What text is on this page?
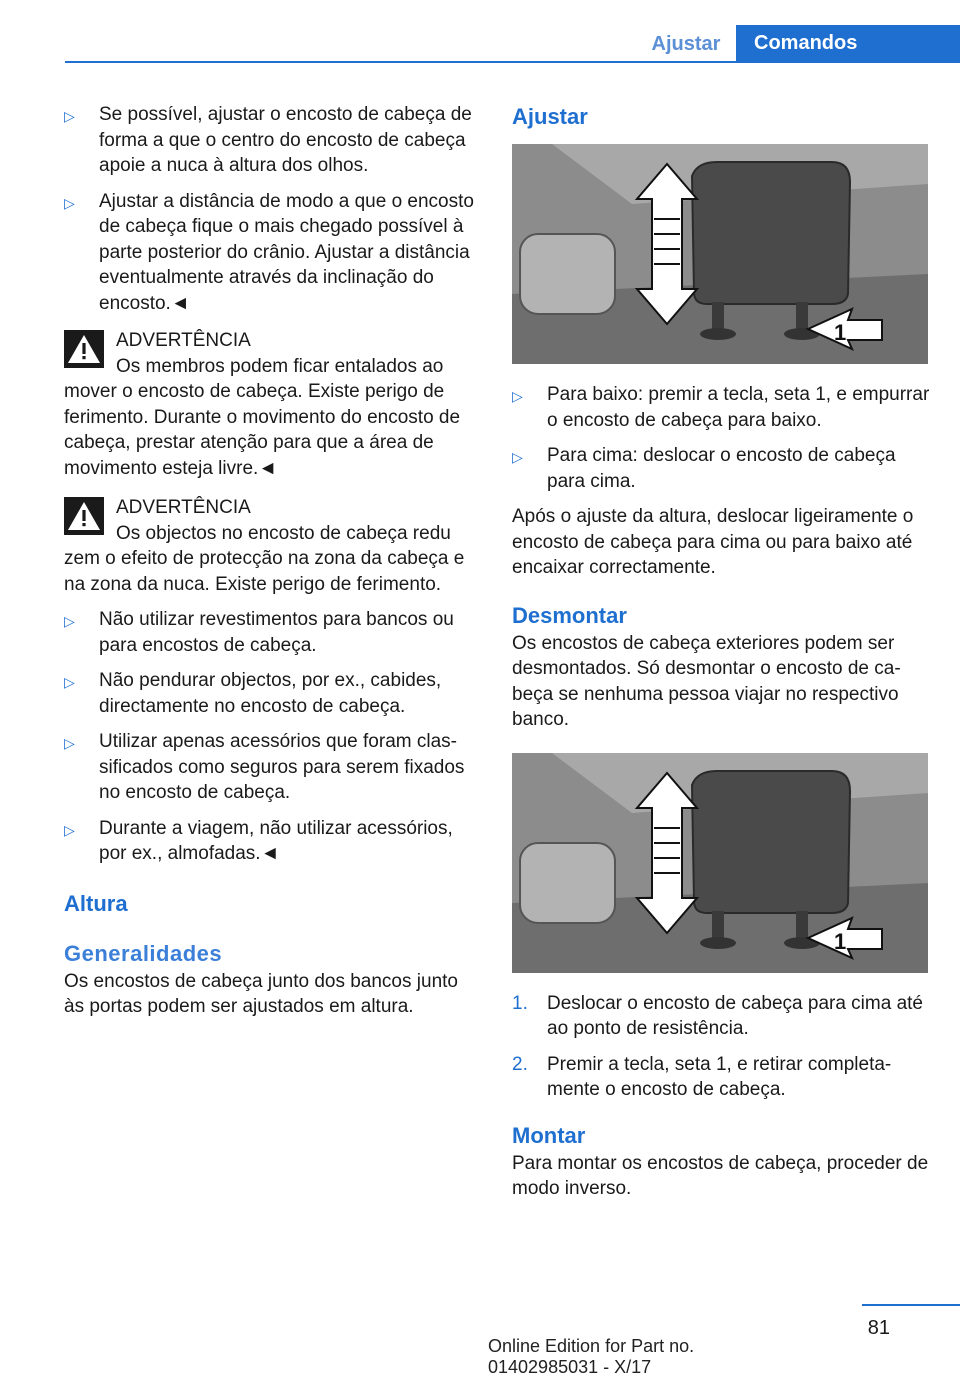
Ajustar	Comandos
▷	Se possível, ajustar o encosto de cabeça de forma a que o centro do encosto de cabeça apoie a nuca à altura dos olhos.
▷	Ajustar a distância de modo a que o encosto de cabeça fique o mais chegado possível à parte posterior do crânio. Ajustar a distância eventualmente através da inclinação do encosto.◄
ADVERTÊNCIA
Os membros podem ficar entalados ao
mover o encosto de cabeça. Existe perigo de ferimento. Durante o movimento do encosto de cabeça, prestar atenção para que a área de movimento esteja livre.◄
ADVERTÊNCIA
Os objectos no encosto de cabeça redu
zem o efeito de protecção na zona da cabeça e na zona da nuca. Existe perigo de ferimento.
▷	Não utilizar revestimentos para bancos ou para encostos de cabeça.
▷	Não pendurar objectos, por ex., cabides, directamente no encosto de cabeça.
▷	Utilizar apenas acessórios que foram classificados como seguros para serem fixados no encosto de cabeça.
▷	Durante a viagem, não utilizar acessórios, por ex., almofadas.◄
Altura
Generalidades

Os encostos de cabeça junto dos bancos junto às portas podem ser ajustados em altura.

Ajustar
1
▷	Para baixo: premir a tecla, seta 1, e empurrar o encosto de cabeça para baixo.
▷	Para cima: deslocar o encosto de cabeça para cima.

Após o ajuste da altura, deslocar ligeiramente o encosto de cabeça para cima ou para baixo até encaixar correctamente.

Desmontar

Os encostos de cabeça exteriores podem ser desmontados. Só desmontar o encosto de cabeça se nenhuma pessoa viajar no respectivo banco.

1
1.	Deslocar o encosto de cabeça para cima até ao ponto de resistência.
2.	Premir a tecla, seta 1, e retirar completamente o encosto de cabeça.
Montar

Para montar os encostos de cabeça, proceder de modo inverso.

81
Online Edition for Part no. 01402985031 - X/17
